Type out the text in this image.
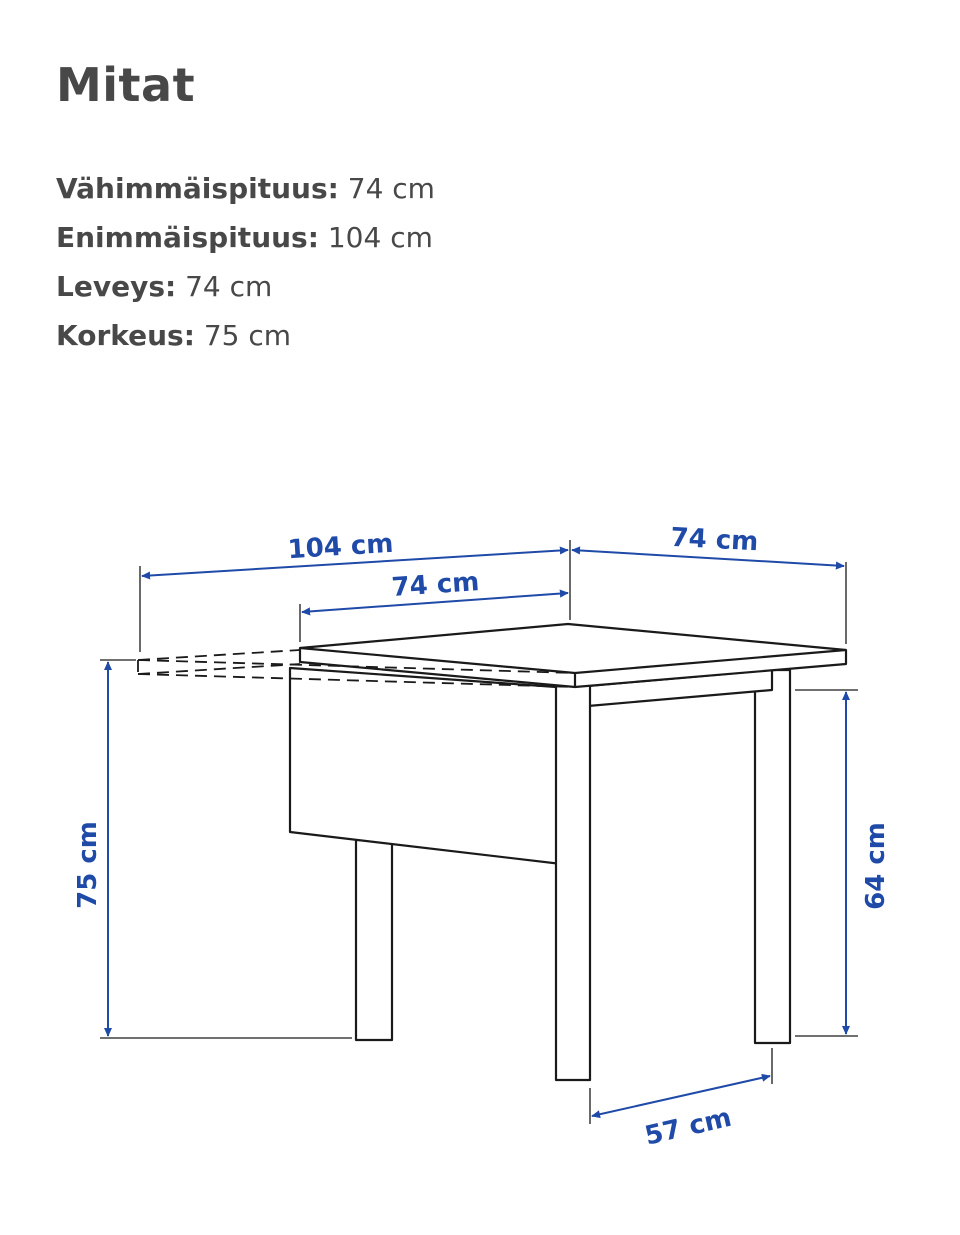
Mitat
Vähimmäispituus: 74 cm
Enimmäispituus: 104 cm
Leveys: 74 cm
Korkeus: 75 cm
104 cm
74 cm
74 cm
75 cm	64 cm
57 cm
